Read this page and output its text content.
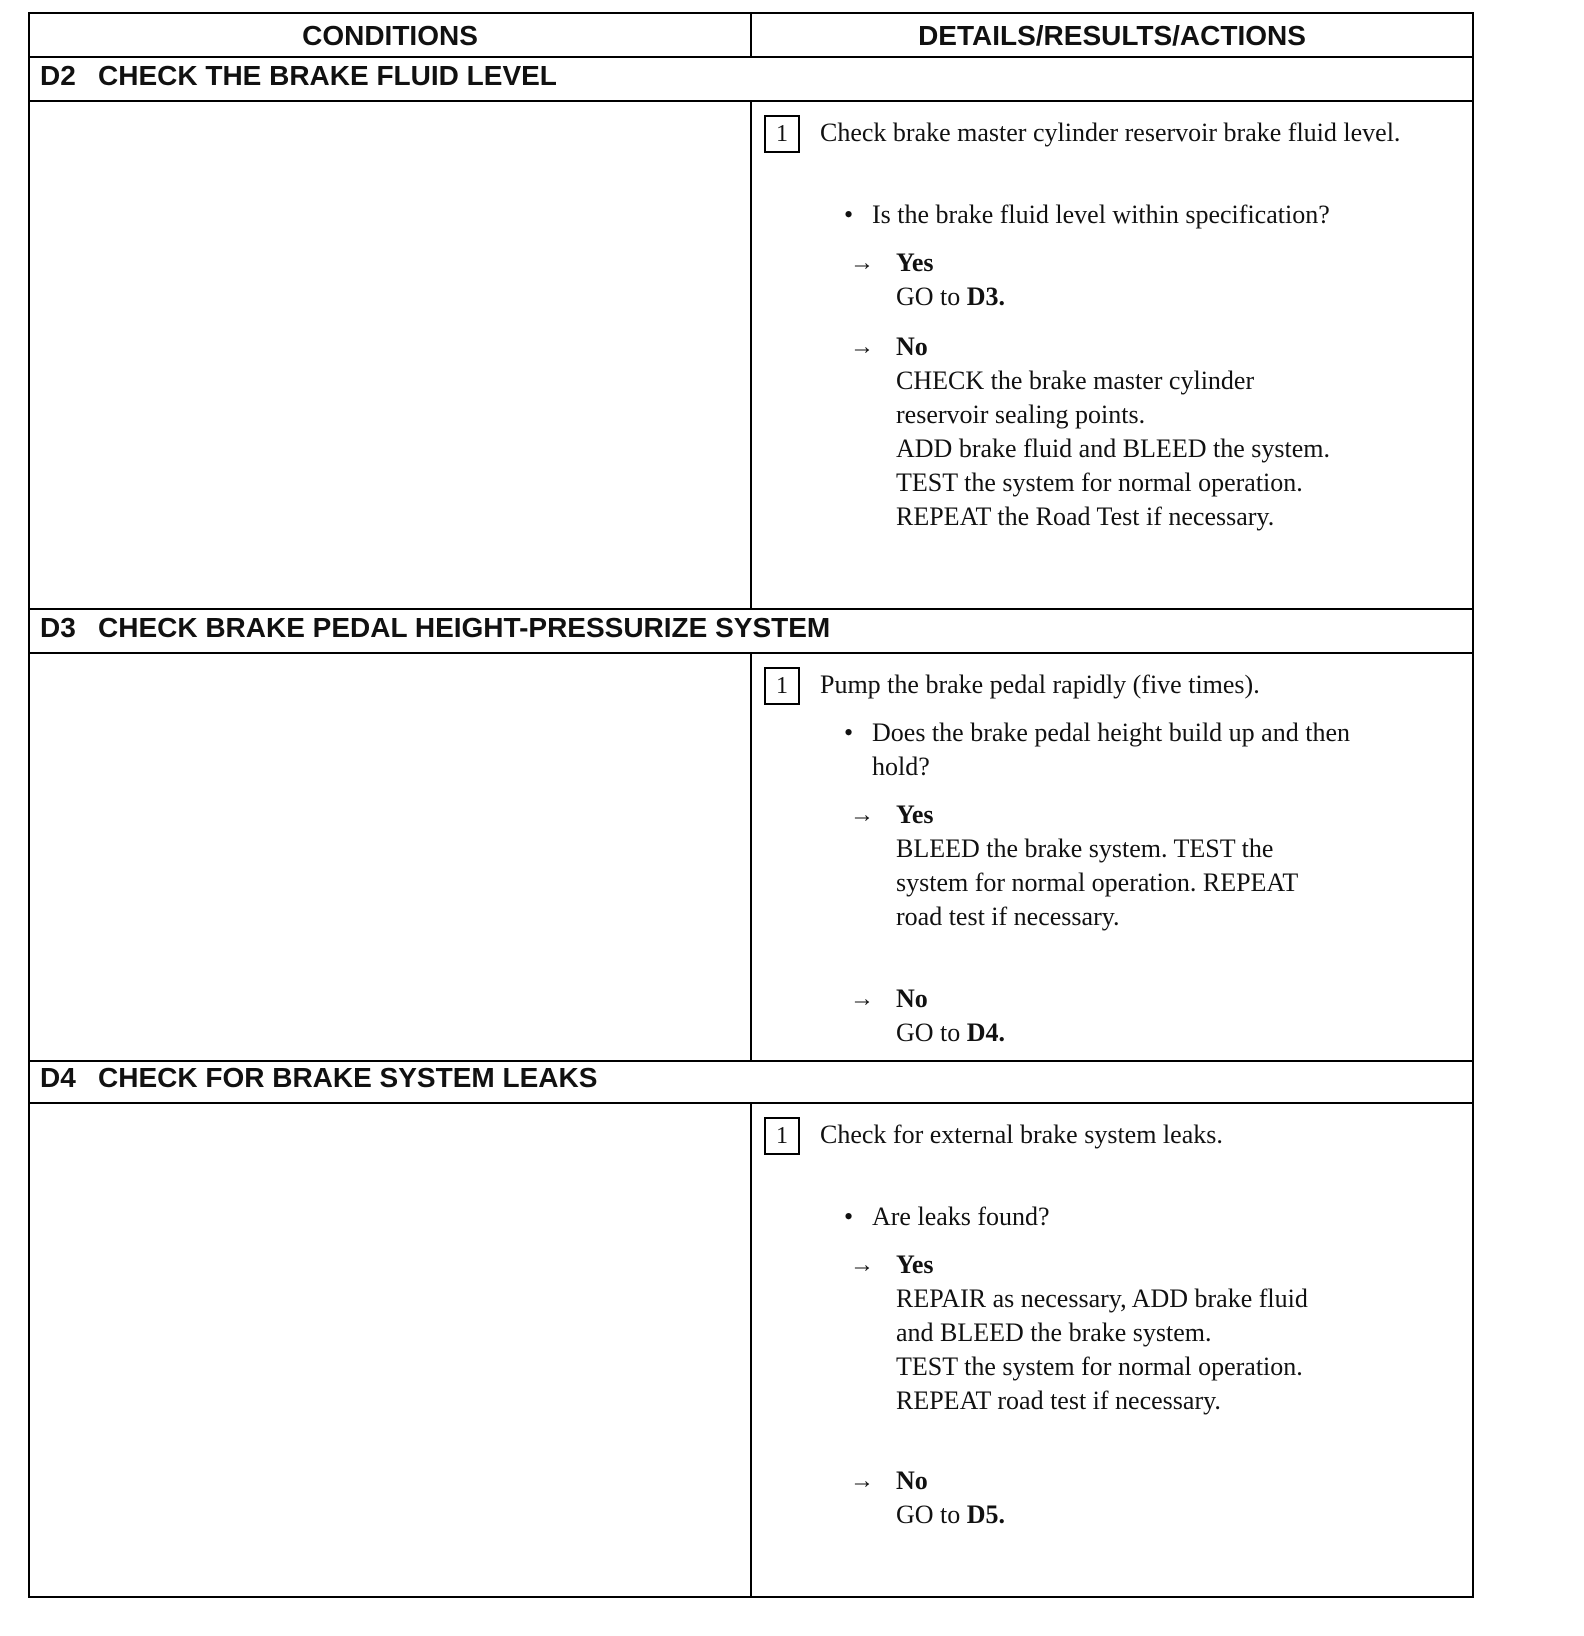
CONDITIONS	DETAILS/RESULTS/ACTIONS
D2 CHECK THE BRAKE FLUID LEVEL
1	Check brake master cylinder reservoir brake fluid level.
• Is the brake fluid level within specification?
→ Yes
GO to D3.
→ No
CHECK the brake master cylinder
reservoir sealing points.
ADD brake fluid and BLEED the system.
TEST the system for normal operation.
REPEAT the Road Test if necessary.
D3 CHECK BRAKE PEDAL HEIGHT-PRESSURIZE SYSTEM
1	Pump the brake pedal rapidly (five times).
• Does the brake pedal height build up and then hold?
→ Yes
BLEED the brake system. TEST the
system for normal operation. REPEAT
road test if necessary.
→ No
GO to D4.
D4 CHECK FOR BRAKE SYSTEM LEAKS
1	Check for external brake system leaks.
• Are leaks found?
→ Yes
REPAIR as necessary, ADD brake fluid
and BLEED the brake system.
TEST the system for normal operation.
REPEAT road test if necessary.
→ No
GO to D5.
